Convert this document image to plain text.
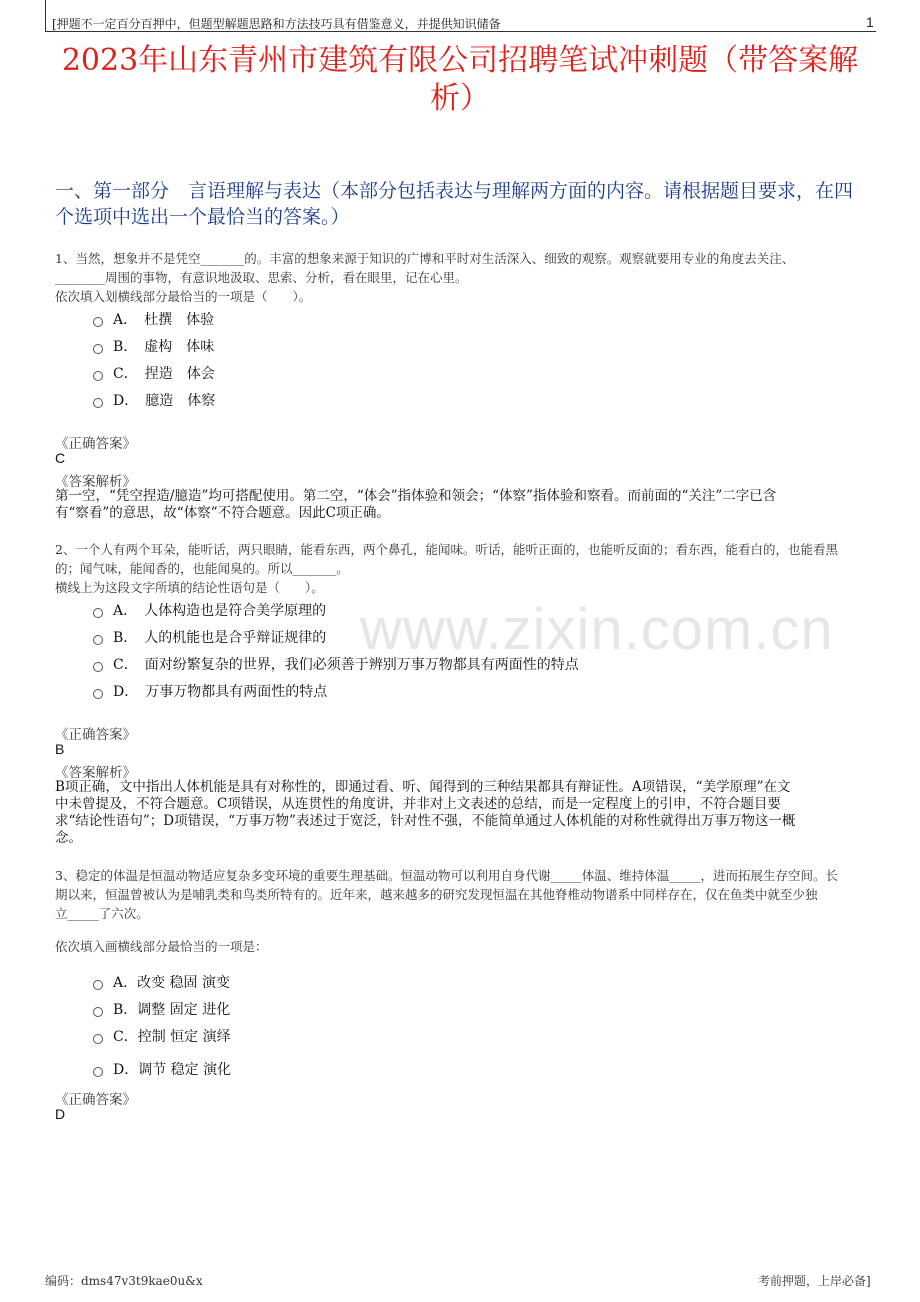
[押题不一定百分百押中，但题型解题思路和方法技巧具有借鉴意义，并提供知识储备	1
2023年山东青州市建筑有限公司招聘笔试冲刺题（带答案解
析）
一、第一部分　言语理解与表达（本部分包括表达与理解两方面的内容。请根据题目要求，在四个选项中选出一个最恰当的答案。）
www.zixin.com.cn
1、当然，想象并不是凭空_______的。丰富的想象来源于知识的广博和平时对生活深入、细致的观察。观察就要用专业的角度去关注、
________周围的事物，有意识地汲取、思索、分析，看在眼里，记在心里。
依次填入划横线部分最恰当的一项是（　　）。
A．　杜撰　体验
B．　虚构　体味
C．　捏造　体会
D．　臆造　体察
《正确答案》
C
《答案解析》
第一空，“凭空捏造/臆造”均可搭配使用。第二空，“体会”指体验和领会；“体察”指体验和察看。而前面的“关注”二字已含
有“察看”的意思，故“体察”不符合题意。因此C项正确。
2、一个人有两个耳朵，能听话，两只眼睛，能看东西，两个鼻孔，能闻味。听话，能听正面的，也能听反面的；看东西，能看白的，也能看黑
的；闻气味，能闻香的，也能闻臭的。所以_______。
横线上为这段文字所填的结论性语句是（　　）。
A．　人体构造也是符合美学原理的
B．　人的机能也是合乎辩证规律的
C．　面对纷繁复杂的世界，我们必须善于辨别万事万物都具有两面性的特点
D．　万事万物都具有两面性的特点
《正确答案》
B
《答案解析》
B项正确，文中指出人体机能是具有对称性的，即通过看、听、闻得到的三种结果都具有辩证性。A项错误，“美学原理”在文
中未曾提及，不符合题意。C项错误，从连贯性的角度讲，并非对上文表述的总结，而是一定程度上的引申，不符合题目要
求“结论性语句”；D项错误，“万事万物”表述过于宽泛，针对性不强，不能简单通过人体机能的对称性就得出万事万物这一概
念。
3、稳定的体温是恒温动物适应复杂多变环境的重要生理基础。恒温动物可以利用自身代谢_____体温、维持体温_____，进而拓展生存空间。长
期以来，恒温曾被认为是哺乳类和鸟类所特有的。近年来，越来越多的研究发现恒温在其他脊椎动物谱系中同样存在，仅在鱼类中就至少独
立_____了六次。
依次填入画横线部分最恰当的一项是：
A．改变 稳固 演变
B．调整 固定 进化
C．控制 恒定 演绎
D．调节 稳定 演化
《正确答案》
D
编码：dms47v3t9kae0u&x	考前押题，上岸必备]
